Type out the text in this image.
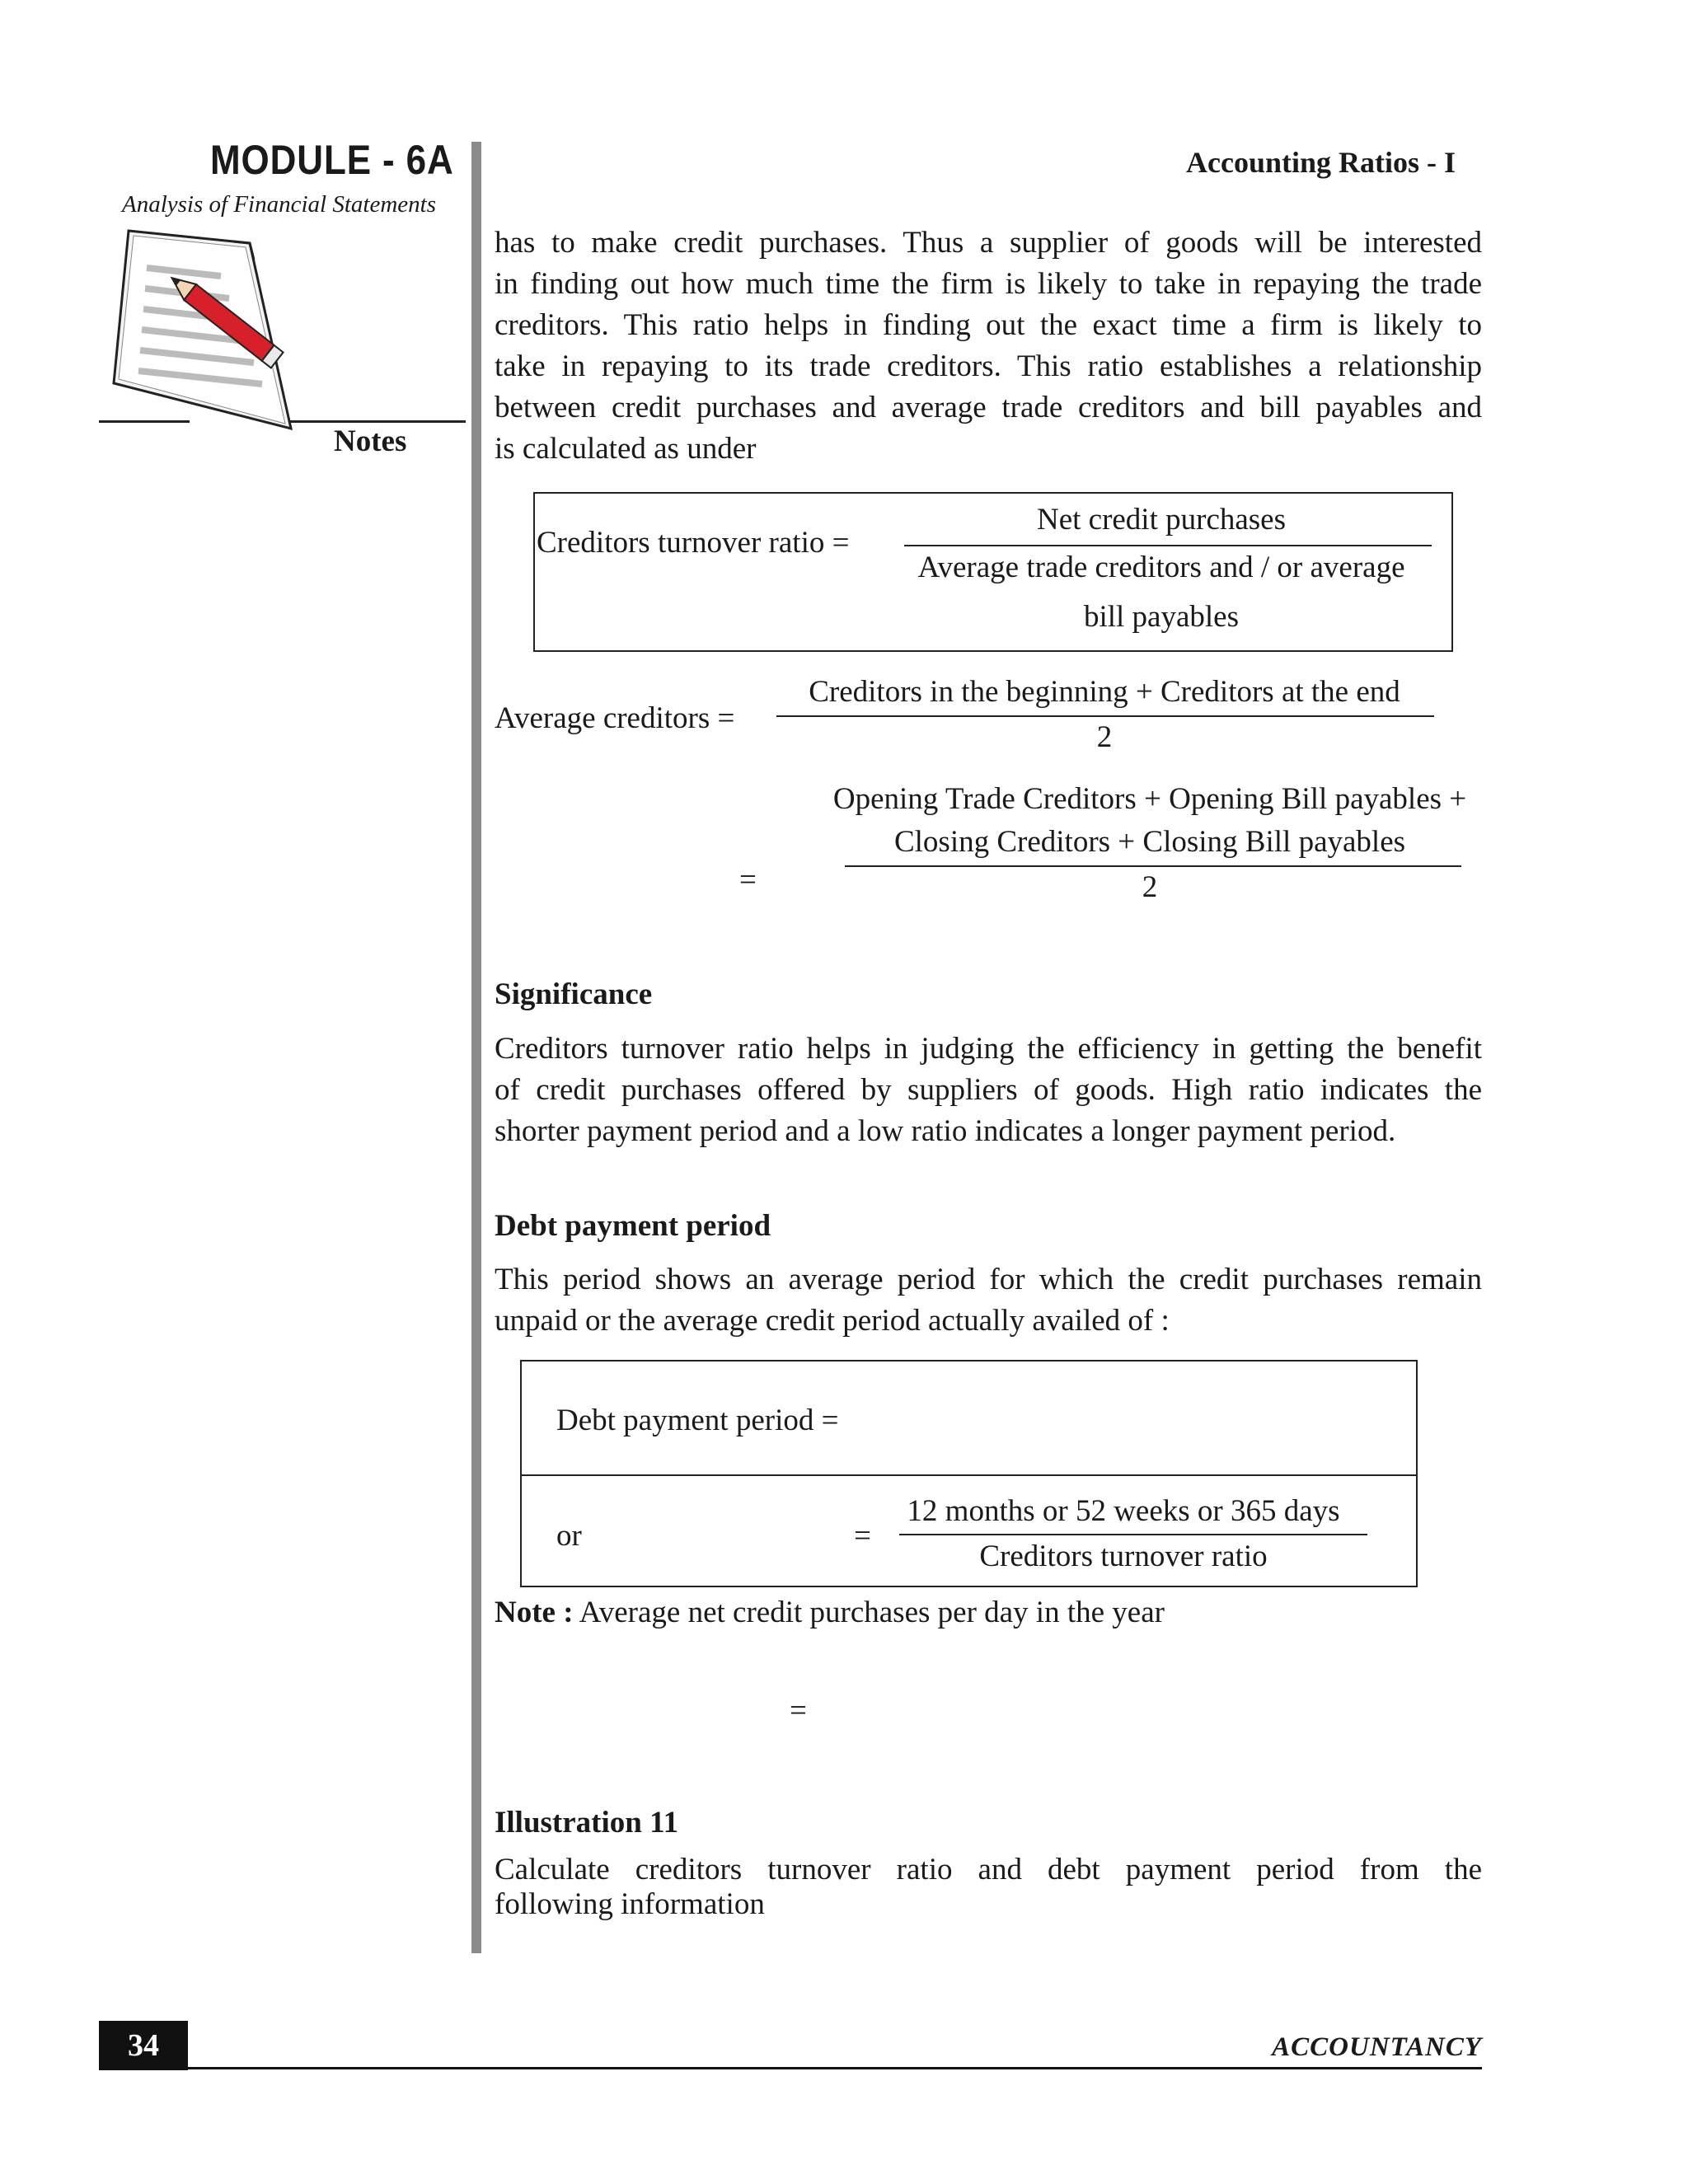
MODULE - 6A
Analysis of Financial Statements
Notes
Accounting Ratios - I
has to make credit purchases. Thus a supplier of goods will be interested
in finding out how much time the firm is likely to take in repaying the trade
creditors. This ratio helps in finding out the exact time a firm is likely to
take in repaying to its trade creditors. This ratio establishes a relationship
between credit purchases and average trade creditors and bill payables and
is calculated as under
Creditors turnover ratio =
Net credit purchases
Average trade creditors and / or average
bill payables
Average creditors =
Creditors in the beginning + Creditors at the end
2
=
Opening Trade Creditors + Opening Bill payables +
Closing Creditors + Closing Bill payables
2
Significance
Creditors turnover ratio helps in judging the efficiency in getting the benefit
of credit purchases offered by suppliers of goods. High ratio indicates the
shorter payment period and a low ratio indicates a longer payment period.
Debt payment period
This period shows an average period for which the credit purchases remain
unpaid or the average credit period actually availed of :
Debt payment period =
or	=
12 months or 52 weeks or 365 days
Creditors turnover ratio
Note : Average net credit purchases per day in the year
=
Illustration 11
Calculate creditors turnover ratio and debt payment period from the
following information
34	ACCOUNTANCY
